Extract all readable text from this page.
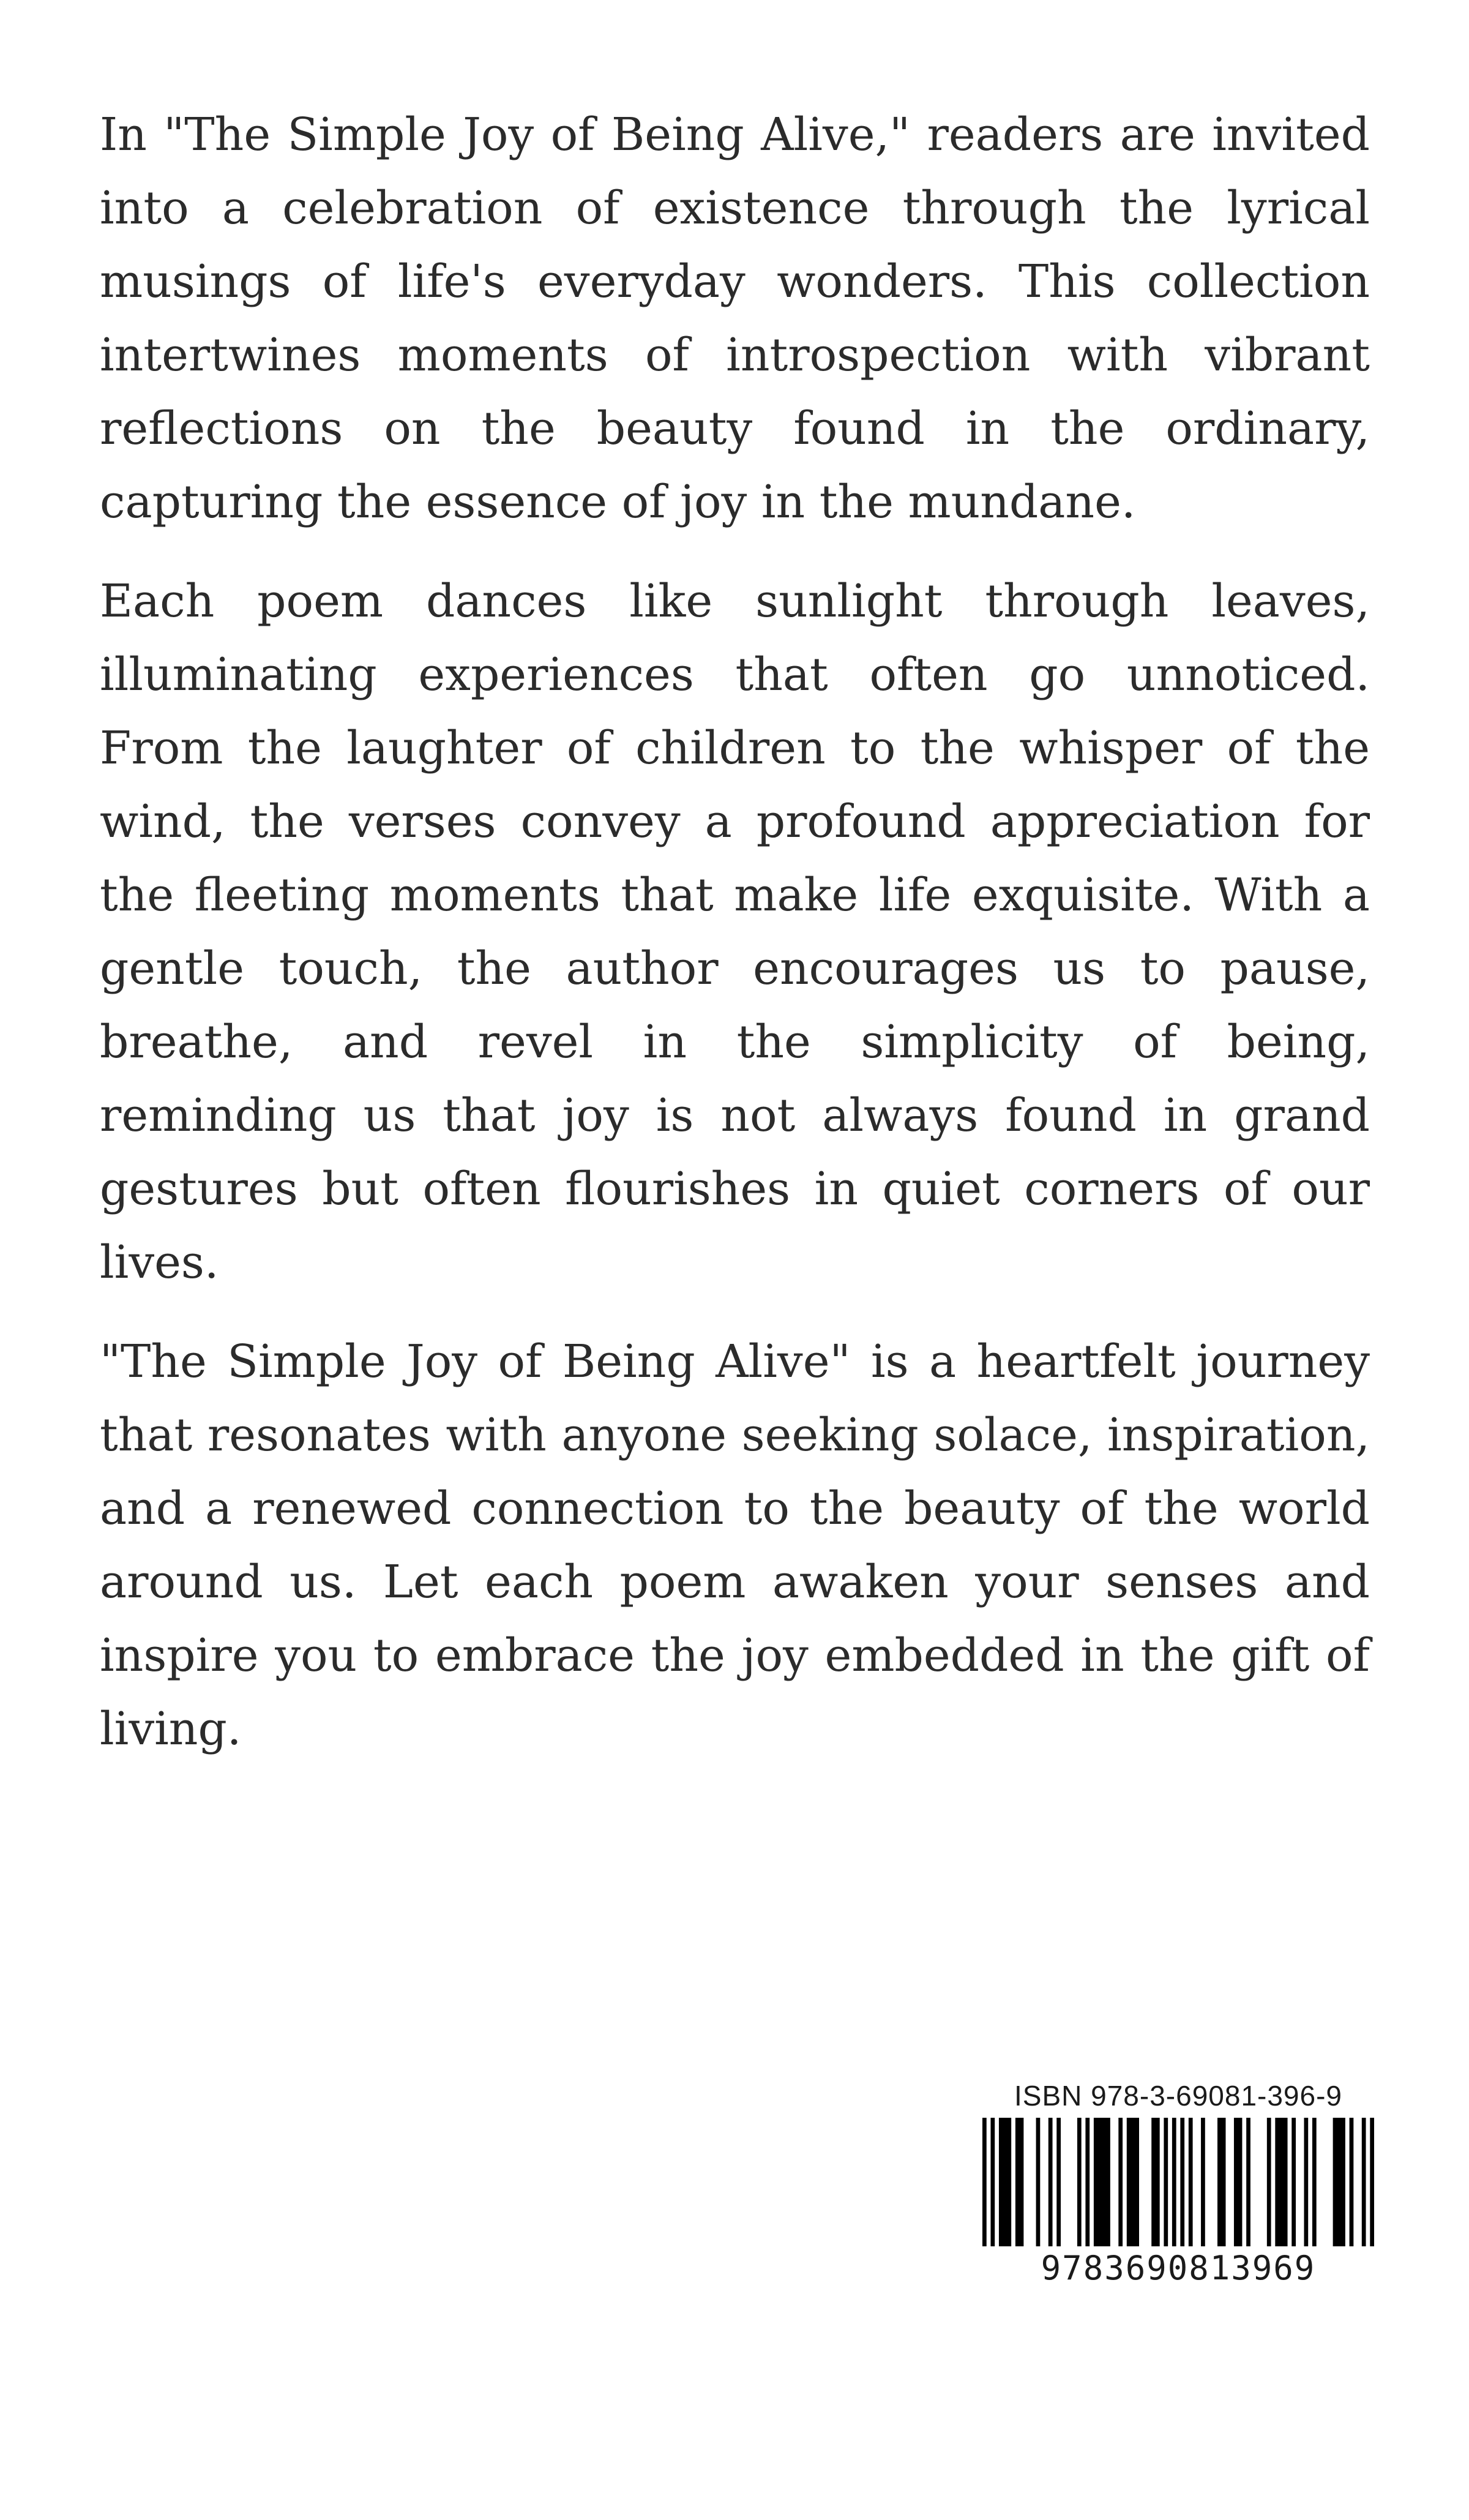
In "The Simple Joy of Being Alive," readers are invited into a celebration of existence through the lyrical musings of life's everyday wonders. This collection intertwines moments of introspection with vibrant reflections on the beauty found in the ordinary, capturing the essence of joy in the mundane.

Each poem dances like sunlight through leaves, illuminating experiences that often go unnoticed. From the laughter of children to the whisper of the wind, the verses convey a profound appreciation for the fleeting moments that make life exquisite. With a gentle touch, the author encourages us to pause, breathe, and revel in the simplicity of being, reminding us that joy is not always found in grand gestures but often flourishes in quiet corners of our lives.

"The Simple Joy of Being Alive" is a heartfelt journey that resonates with anyone seeking solace, inspiration, and a renewed connection to the beauty of the world around us. Let each poem awaken your senses and inspire you to embrace the joy embedded in the gift of living.

ISBN 978-3-69081-396-9
9783690813969
